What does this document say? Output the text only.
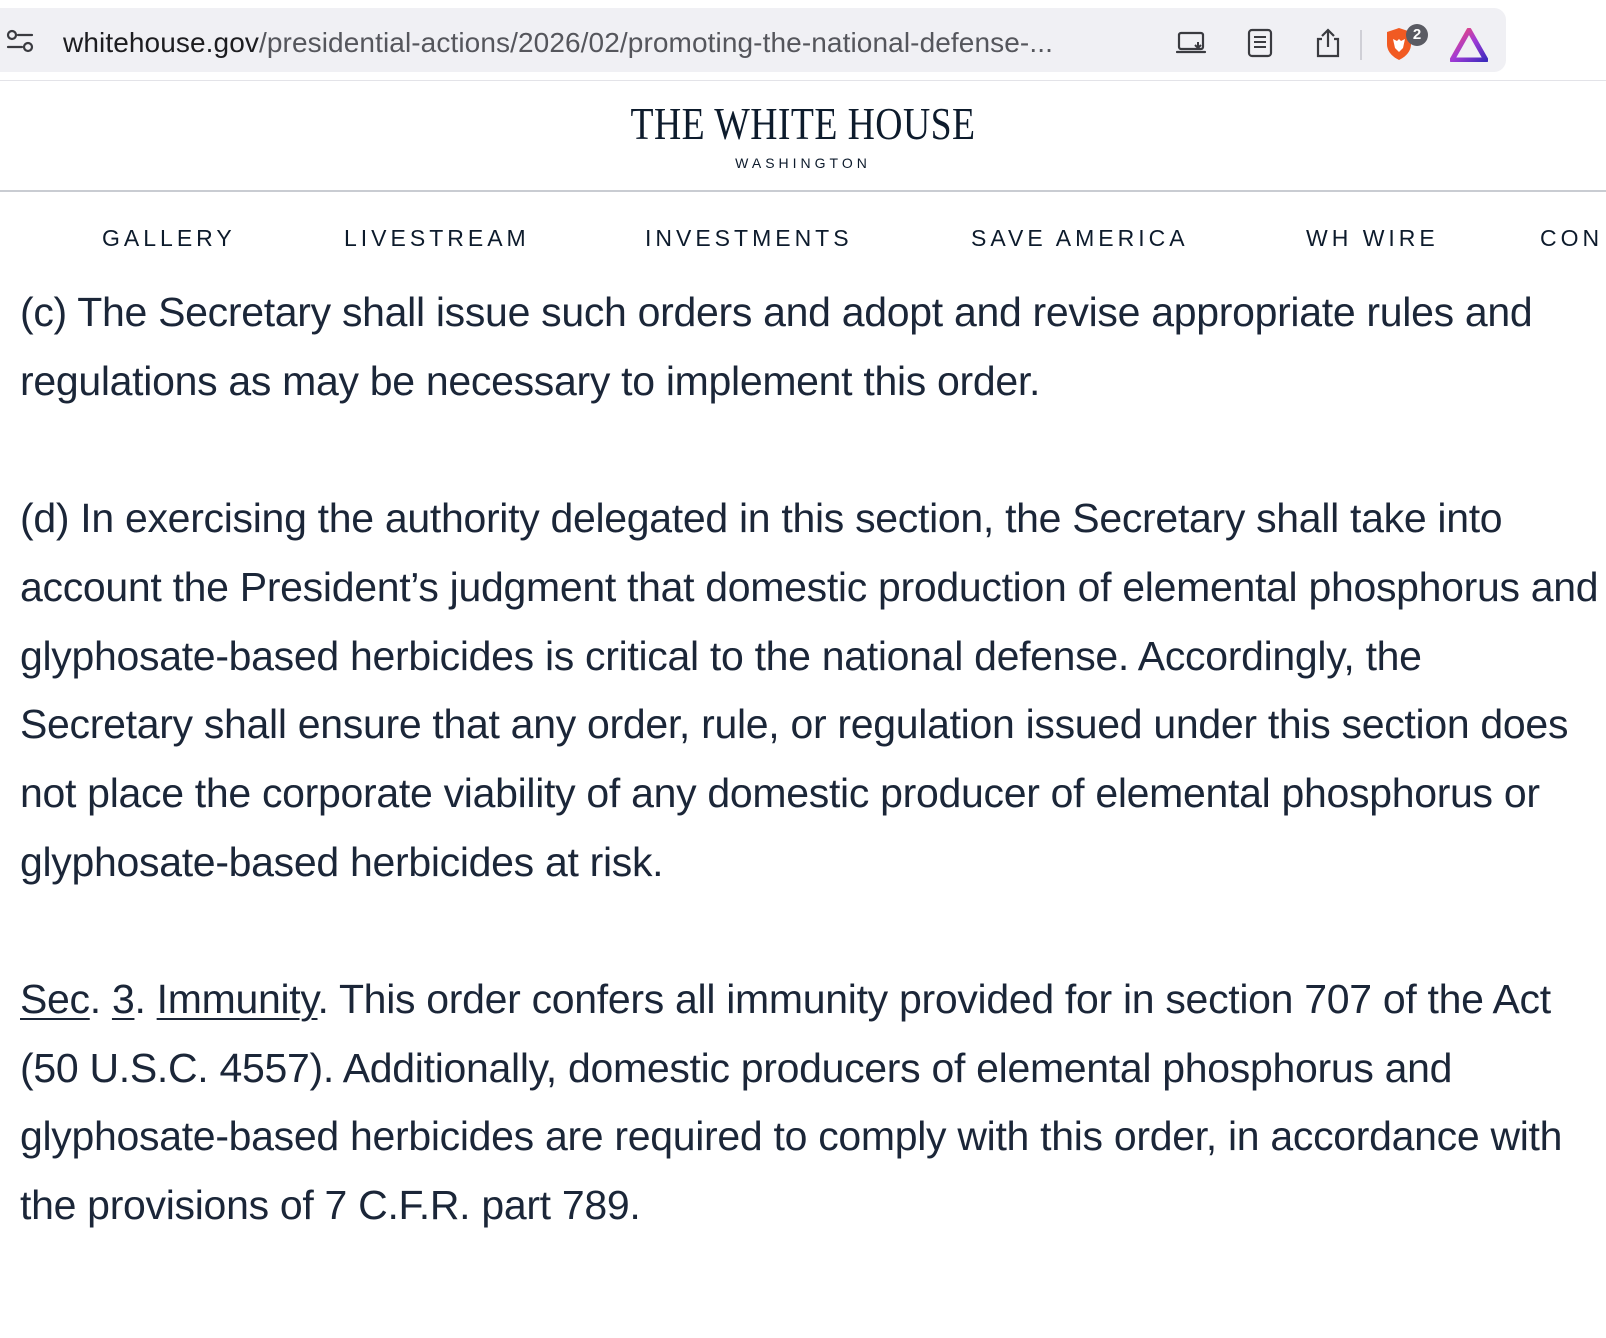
whitehouse.gov/presidential-actions/2026/02/promoting-the-national-defense-...	2
THE WHITE HOUSE
WASHINGTON
GALLERY	LIVESTREAM	INVESTMENTS	SAVE AMERICA	WH WIRE	CON

(c) The Secretary shall issue such orders and adopt and revise appropriate rules and regulations as may be necessary to implement this order.

(d) In exercising the authority delegated in this section, the Secretary shall take into account the President’s judgment that domestic production of elemental phosphorus and glyphosate-based herbicides is critical to the national defense. Accordingly, the Secretary shall ensure that any order, rule, or regulation issued under this section does not place the corporate viability of any domestic producer of elemental phosphorus or glyphosate-based herbicides at risk.

Sec. 3. Immunity. This order confers all immunity provided for in section 707 of the Act (50 U.S.C. 4557). Additionally, domestic producers of elemental phosphorus and glyphosate-based herbicides are required to comply with this order, in accordance with the provisions of 7 C.F.R. part 789.
